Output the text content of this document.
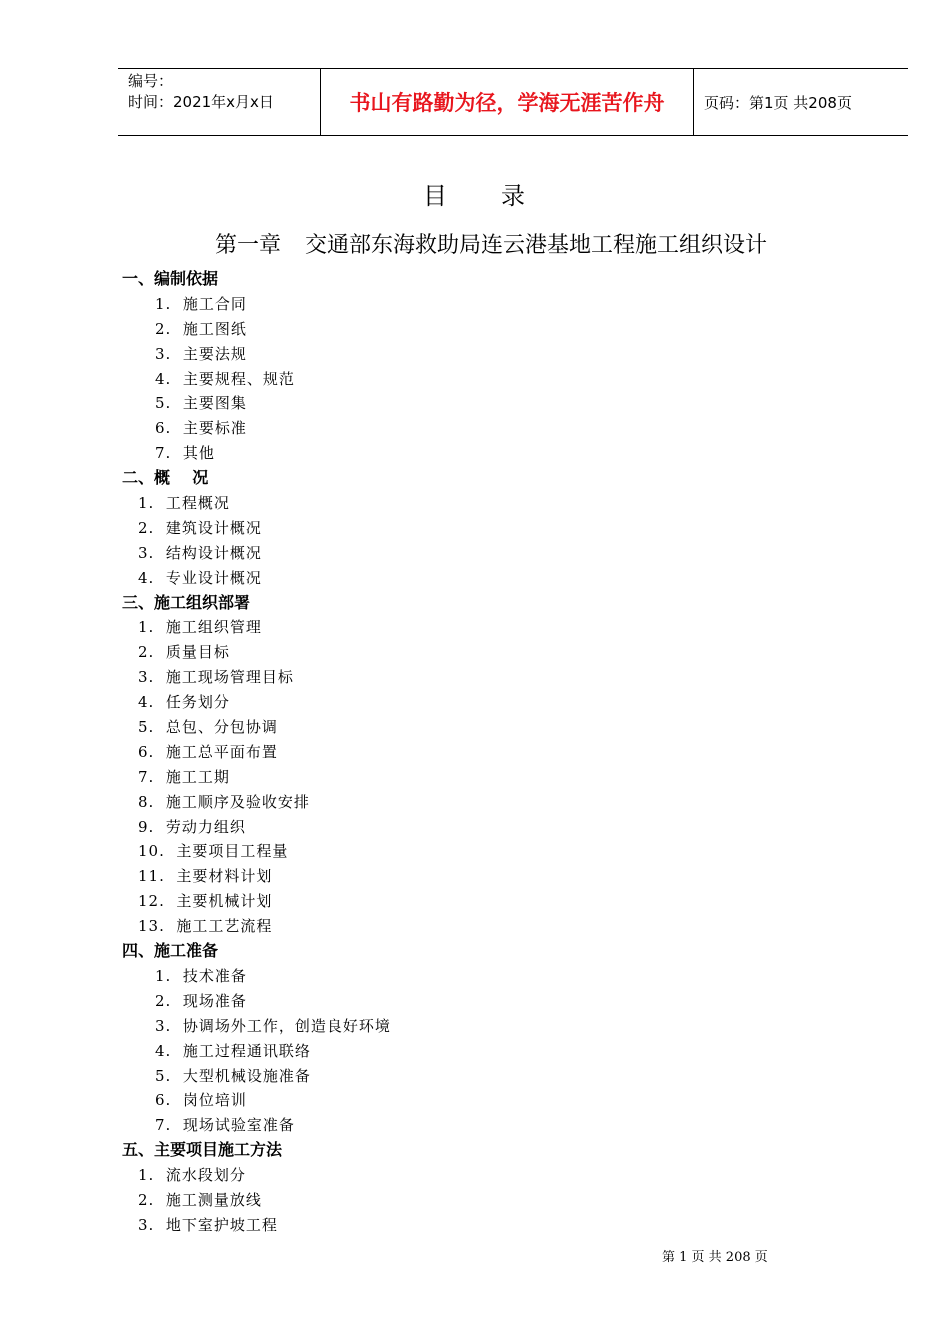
编号：
时间：2021年x月x日	书山有路勤为径，学海无涯苦作舟	页码：第1页 共208页
目 录
第一章 交通部东海救助局连云港基地工程施工组织设计
一、编制依据
1.  施工合同
2.  施工图纸
3.  主要法规
4.  主要规程、规范
5.  主要图集
6.  主要标准
7.  其他
二、概    况
1.  工程概况
2.  建筑设计概况
3.  结构设计概况
4.  专业设计概况
三、施工组织部署
1.  施工组织管理
2.  质量目标
3.  施工现场管理目标
4.  任务划分
5.  总包、分包协调
6.  施工总平面布置
7.  施工工期
8.  施工顺序及验收安排
9.  劳动力组织
10.  主要项目工程量
11.  主要材料计划
12.  主要机械计划
13.  施工工艺流程
四、施工准备
1.  技术准备
2.  现场准备
3.  协调场外工作，创造良好环境
4.  施工过程通讯联络
5.  大型机械设施准备
6.  岗位培训
7.  现场试验室准备
五、主要项目施工方法
1.  流水段划分
2.  施工测量放线
3.  地下室护坡工程
第 1 页 共 208 页
